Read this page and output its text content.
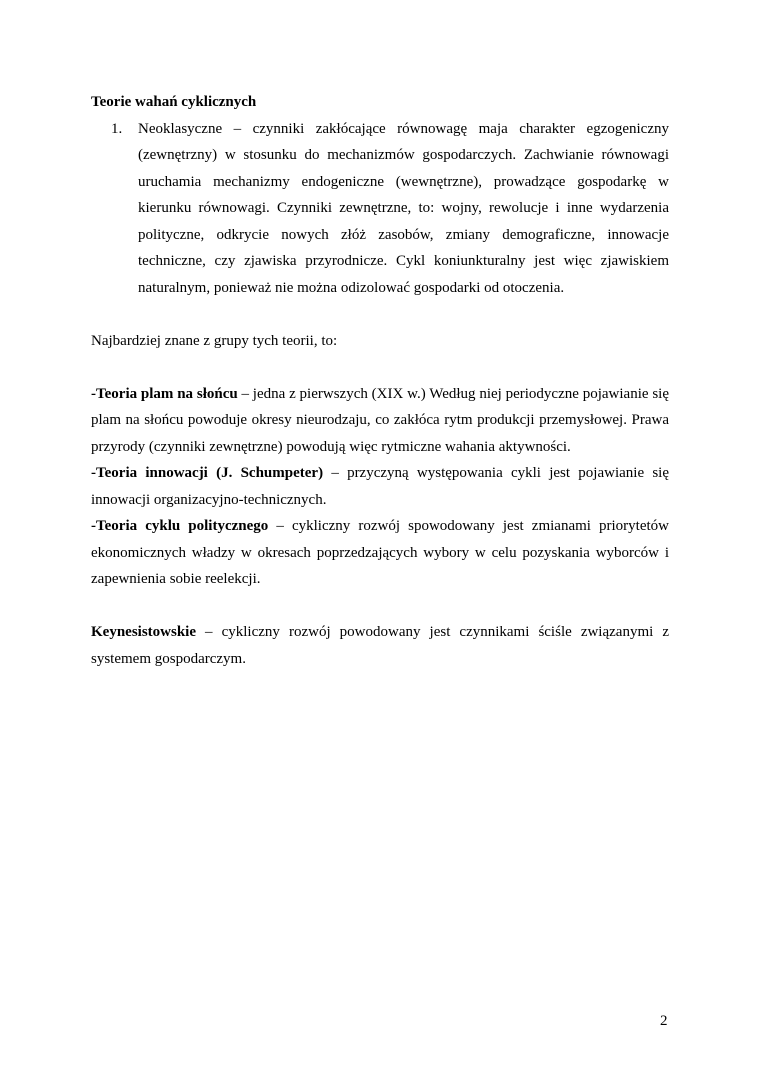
Teorie wahań cyklicznych

1.	Neoklasyczne – czynniki zakłócające równowagę maja charakter egzogeniczny (zewnętrzny) w stosunku do mechanizmów gospodarczych. Zachwianie równowagi uruchamia mechanizmy endogeniczne (wewnętrzne), prowadzące gospodarkę w kierunku równowagi. Czynniki zewnętrzne, to: wojny, rewolucje i inne wydarzenia polityczne, odkrycie nowych złóż zasobów, zmiany demograficzne, innowacje techniczne, czy zjawiska przyrodnicze. Cykl koniunkturalny jest więc zjawiskiem naturalnym, ponieważ nie można odizolować gospodarki od otoczenia.

Najbardziej znane z grupy tych teorii, to:

-Teoria plam na słońcu – jedna z pierwszych (XIX w.) Według niej periodyczne pojawianie się plam na słońcu powoduje okresy nieurodzaju, co zakłóca rytm produkcji przemysłowej. Prawa przyrody (czynniki zewnętrzne) powodują więc rytmiczne wahania aktywności.

-Teoria innowacji (J. Schumpeter) – przyczyną występowania cykli jest pojawianie się innowacji organizacyjno-technicznych.

-Teoria cyklu politycznego – cykliczny rozwój spowodowany jest zmianami priorytetów ekonomicznych władzy w okresach poprzedzających wybory w celu pozyskania wyborców i zapewnienia sobie reelekcji.

Keynesistowskie – cykliczny rozwój powodowany jest czynnikami ściśle związanymi z systemem gospodarczym.

2
